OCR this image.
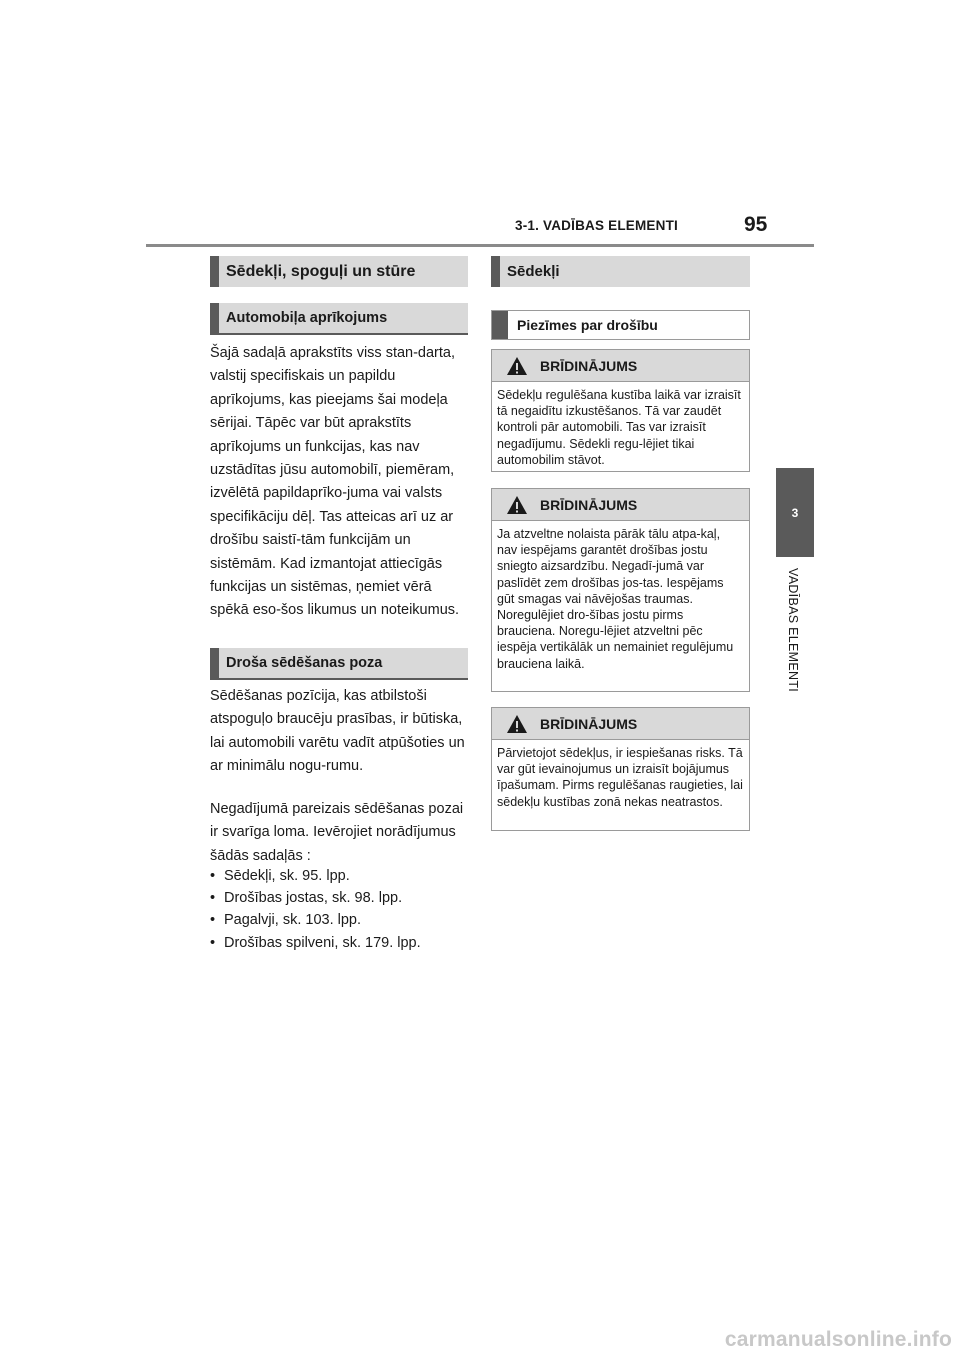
3-1. VADĪBAS ELEMENTI	95
3
VADĪBAS ELEMENTI
Sēdekļi, spoguļi un stūre
Automobiļa aprīkojums

Šajā sadaļā aprakstīts viss stan-darta, valstij specifiskais un papildu aprīkojums, kas pieejams šai modeļa sērijai. Tāpēc var būt aprakstīts aprīkojums un funkcijas, kas nav uzstādītas jūsu automobilī, piemēram, izvēlētā papildaprīko-juma vai valsts specifikāciju dēļ. Tas atteicas arī uz ar drošību saistī-tām funkcijām un sistēmām. Kad izmantojat attiecīgās funkcijas un sistēmas, ņemiet vērā spēkā eso-šos likumus un noteikumus.

Droša sēdēšanas poza

Sēdēšanas pozīcija, kas atbilstoši atspoguļo braucēju prasības, ir būtiska, lai automobili varētu vadīt atpūšoties un ar minimālu nogu-rumu.

Negadījumā pareizais sēdēšanas pozai ir svarīga loma. Ievērojiet norādījumus šādās sadaļās :

• Sēdekļi, sk. 95. lpp.
• Drošības jostas, sk. 98. lpp.
• Pagalvji, sk. 103. lpp.
• Drošības spilveni, sk. 179. lpp.
Sēdekļi
Piezīmes par drošību
BRĪDINĀJUMS

Sēdekļu regulēšana kustība laikā var izraisīt tā negaidītu izkustēšanos. Tā var zaudēt kontroli pār automobili. Tas var izraisīt negadījumu. Sēdekli regu-lējiet tikai automobilim stāvot.

BRĪDINĀJUMS

Ja atzveltne nolaista pārāk tālu atpa-kaļ, nav iespējams garantēt drošības jostu sniegto aizsardzību. Negadī-jumā var paslīdēt zem drošības jos-tas. Iespējams gūt smagas vai nāvējošas traumas. Noregulējiet dro-šības jostu pirms brauciena. Noregu-lējiet atzveltni pēc iespēja vertikālāk un nemainiet regulējumu brauciena laikā.

BRĪDINĀJUMS

Pārvietojot sēdekļus, ir iespiešanas risks. Tā var gūt ievainojumus un izraisīt bojājumus īpašumam. Pirms regulēšanas raugieties, lai sēdekļu kustības zonā nekas neatrastos.

carmanualsonline.info
